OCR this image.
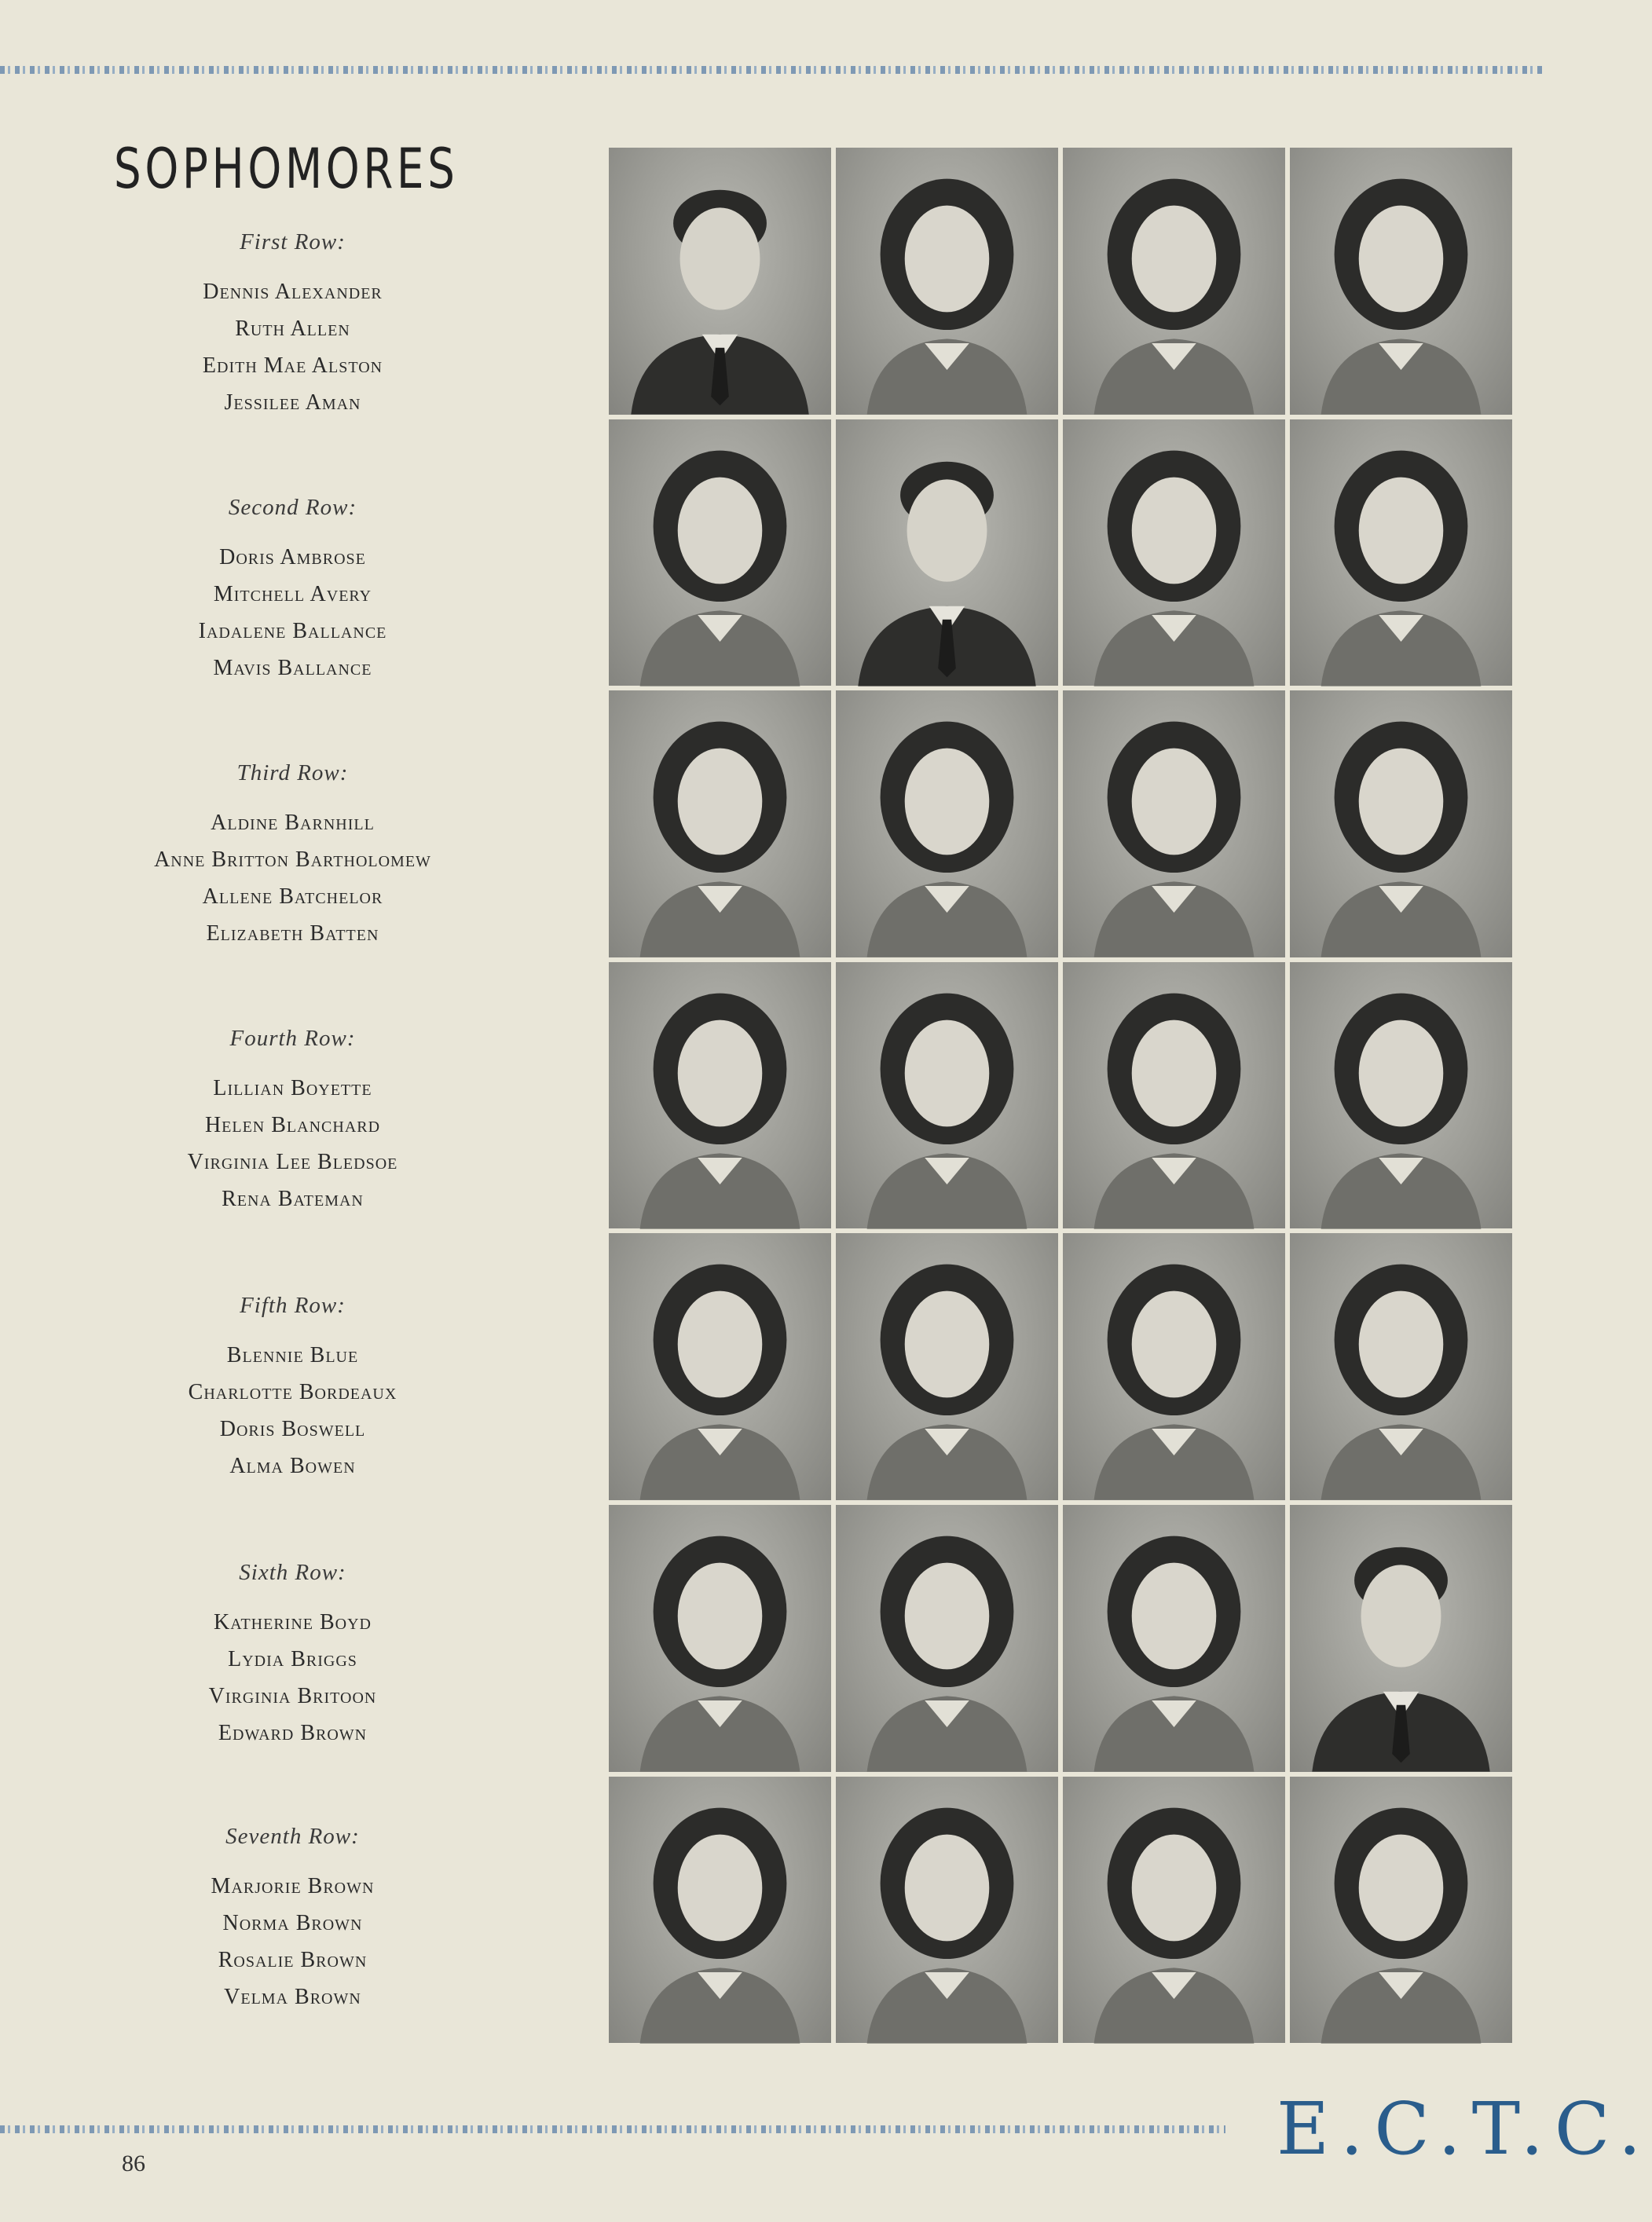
SOPHOMORES
First Row:
Dennis Alexander
Ruth Allen
Edith Mae Alston
Jessilee Aman
Second Row:
Doris Ambrose
Mitchell Avery
Iadalene Ballance
Mavis Ballance
Third Row:
Aldine Barnhill
Anne Britton Bartholomew
Allene Batchelor
Elizabeth Batten
Fourth Row:
Lillian Boyette
Helen Blanchard
Virginia Lee Bledsoe
Rena Bateman
Fifth Row:
Blennie Blue
Charlotte Bordeaux
Doris Boswell
Alma Bowen
Sixth Row:
Katherine Boyd
Lydia Briggs
Virginia Britoon
Edward Brown
Seventh Row:
Marjorie Brown
Norma Brown
Rosalie Brown
Velma Brown
86	E.C.T.C.
